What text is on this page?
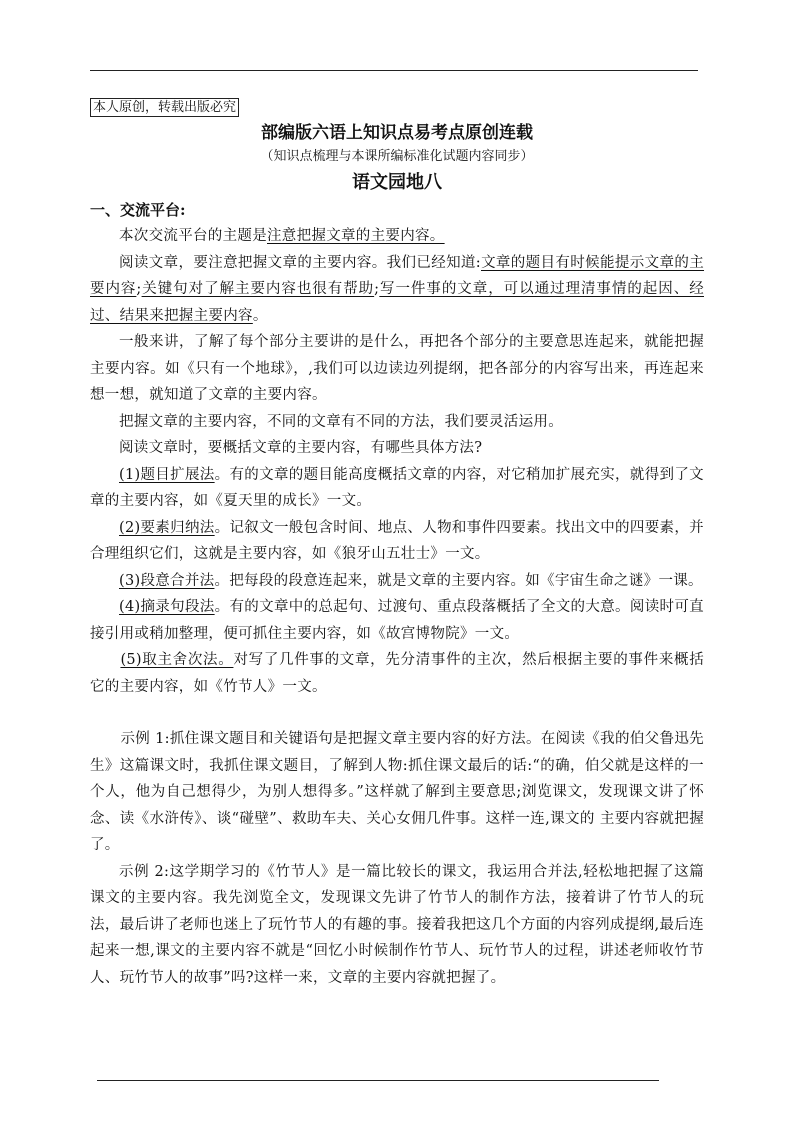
本人原创，转载出版必究
部编版六语上知识点易考点原创连载
（知识点梳理与本课所编标准化试题内容同步）
语文园地八
一、交流平台:

本次交流平台的主题是注意把握文章的主要内容。

阅读文章，要注意把握文章的主要内容。我们已经知道:文章的题目有时候能提示文章的主要内容;关键句对了解主要内容也很有帮助;写一件事的文章，可以通过理清事情的起因、经过、结果来把握主要内容。

一般来讲，了解了每个部分主要讲的是什么，再把各个部分的主要意思连起来，就能把握主要内容。如《只有一个地球》，,我们可以边读边列提纲，把各部分的内容写出来，再连起来想一想，就知道了文章的主要内容。

把握文章的主要内容，不同的文章有不同的方法，我们要灵活运用。

阅读文章时，要概括文章的主要内容，有哪些具体方法?

(1)题目扩展法。有的文章的题目能高度概括文章的内容，对它稍加扩展充实，就得到了文章的主要内容，如《夏天里的成长》一文。

(2)要素归纳法。记叙文一般包含时间、地点、人物和事件四要素。找出文中的四要素，并合理组织它们，这就是主要内容，如《狼牙山五壮士》一文。

(3)段意合并法。把每段的段意连起来，就是文章的主要内容。如《宇宙生命之谜》一课。

(4)摘录句段法。有的文章中的总起句、过渡句、重点段落概括了全文的大意。阅读时可直接引用或稍加整理，便可抓住主要内容，如《故宫博物院》一文。

(5)取主舍次法。对写了几件事的文章，先分清事件的主次，然后根据主要的事件来概括它的主要内容，如《竹节人》一文。

示例 1:抓住课文题目和关键语句是把握文章主要内容的好方法。在阅读《我的伯父鲁迅先生》这篇课文时，我抓住课文题目，了解到人物:抓住课文最后的话:“的确，伯父就是这样的一个人，他为自己想得少，为别人想得多。”这样就了解到主要意思;浏览课文，发现课文讲了怀念、读《水浒传》、谈“碰壁”、救助车夫、关心女佣几件事。这样一连,课文的 主要内容就把握了。

示例 2:这学期学习的《竹节人》是一篇比较长的课文，我运用合并法,轻松地把握了这篇课文的主要内容。我先浏览全文，发现课文先讲了竹节人的制作方法，接着讲了竹节人的玩法，最后讲了老师也迷上了玩竹节人的有趣的事。接着我把这几个方面的内容列成提纲,最后连起来一想,课文的主要内容不就是“回忆小时候制作竹节人、玩竹节人的过程，讲述老师收竹节人、玩竹节人的故事”吗?这样一来，文章的主要内容就把握了。
